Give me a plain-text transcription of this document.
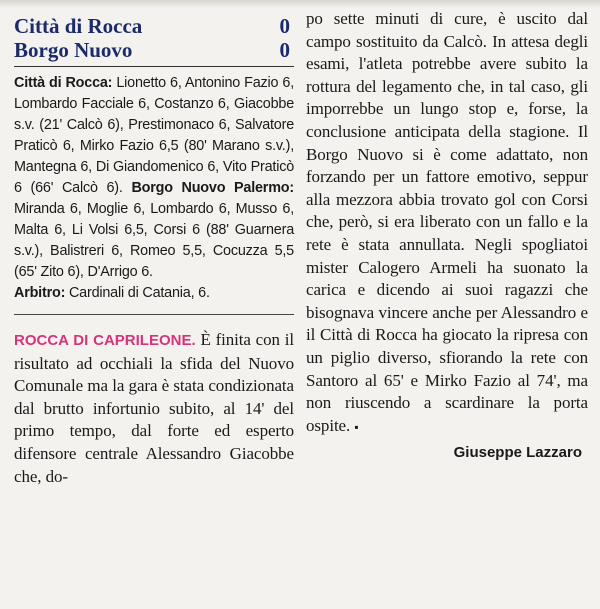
Città di Rocca	0
Borgo Nuovo	0
Città di Rocca: Lionetto 6, Antonino Fazio 6, Lombardo Facciale 6, Costanzo 6, Giacobbe s.v. (21' Calcò 6), Prestimonaco 6, Salvatore Praticò 6, Mirko Fazio 6,5 (80' Marano s.v.), Mantegna 6, Di Giandomenico 6, Vito Praticò 6 (66' Calcò 6). Borgo Nuovo Palermo: Miranda 6, Moglie 6, Lombardo 6, Musso 6, Malta 6, Li Volsi 6,5, Corsi 6 (88' Guarnera s.v.), Balistreri 6, Romeo 5,5, Cocuzza 5,5 (65' Zito 6), D'Arrigo 6.
Arbitro: Cardinali di Catania, 6.
ROCCA DI CAPRILEONE. È finita con il risultato ad occhiali la sfida del Nuovo Comunale ma la gara è stata condizionata dal brutto infortunio subito, al 14' del primo tempo, dal forte ed esperto difensore centrale Alessandro Giacobbe che, do-
po sette minuti di cure, è uscito dal campo sostituito da Calcò. In attesa degli esami, l'atleta potrebbe avere subito la rottura del legamento che, in tal caso, gli imporrebbe un lungo stop e, forse, la conclusione anticipata della stagione. Il Borgo Nuovo si è come adattato, non forzando per un fattore emotivo, seppur alla mezzora abbia trovato gol con Corsi che, però, si era liberato con un fallo e la rete è stata annullata. Negli spogliatoi mister Calogero Armeli ha suonato la carica e dicendo ai suoi ragazzi che bisognava vincere anche per Alessandro e il Città di Rocca ha giocato la ripresa con un piglio diverso, sfiorando la rete con Santoro al 65' e Mirko Fazio al 74', ma non riuscendo a scardinare la porta ospite. ▪
Giuseppe Lazzaro
